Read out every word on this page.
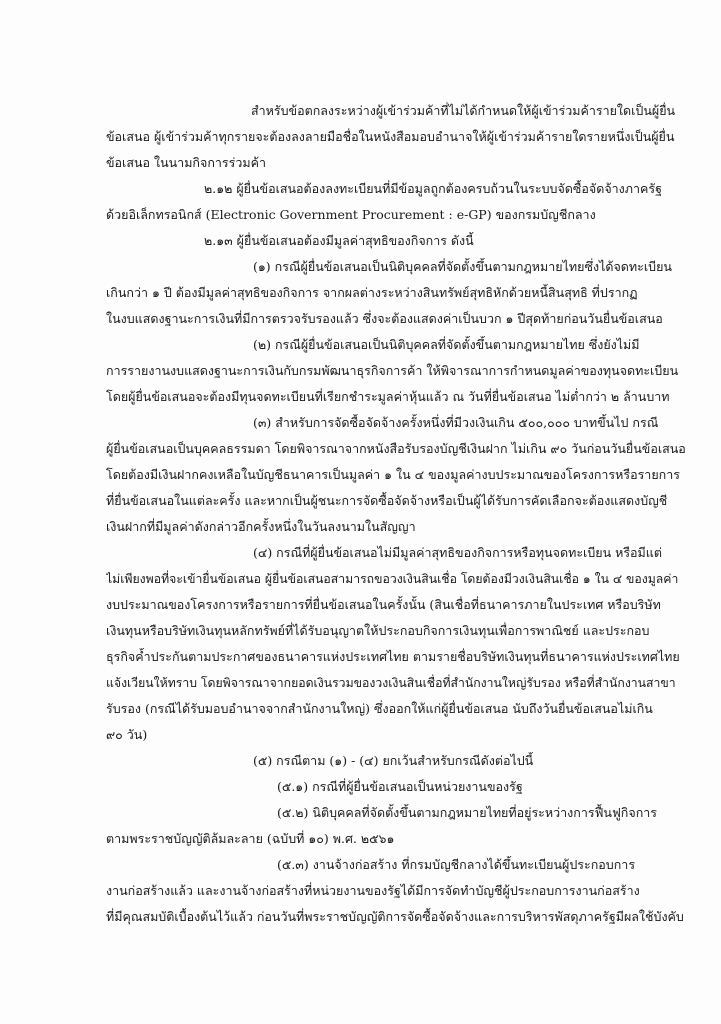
สำหรับข้อตกลงระหว่างผู้เข้าร่วมค้าที่ไม่ได้กำหนดให้ผู้เข้าร่วมค้ารายใดเป็นผู้ยื่น
ข้อเสนอ ผู้เข้าร่วมค้าทุกรายจะต้องลงลายมือชื่อในหนังสือมอบอำนาจให้ผู้เข้าร่วมค้ารายใดรายหนึ่งเป็นผู้ยื่น
ข้อเสนอ ในนามกิจการร่วมค้า
๒.๑๒ ผู้ยื่นข้อเสนอต้องลงทะเบียนที่มีข้อมูลถูกต้องครบถ้วนในระบบจัดซื้อจัดจ้างภาครัฐ
ด้วยอิเล็กทรอนิกส์ (Electronic Government Procurement : e-GP) ของกรมบัญชีกลาง
๒.๑๓ ผู้ยื่นข้อเสนอต้องมีมูลค่าสุทธิของกิจการ ดังนี้
(๑) กรณีผู้ยื่นข้อเสนอเป็นนิติบุคคลที่จัดตั้งขึ้นตามกฎหมายไทยซึ่งได้จดทะเบียน
เกินกว่า ๑ ปี ต้องมีมูลค่าสุทธิของกิจการ จากผลต่างระหว่างสินทรัพย์สุทธิหักด้วยหนี้สินสุทธิ ที่ปรากฏ
ในงบแสดงฐานะการเงินที่มีการตรวจรับรองแล้ว ซึ่งจะต้องแสดงค่าเป็นบวก ๑ ปีสุดท้ายก่อนวันยื่นข้อเสนอ
(๒) กรณีผู้ยื่นข้อเสนอเป็นนิติบุคคลที่จัดตั้งขึ้นตามกฎหมายไทย ซึ่งยังไม่มี
การรายงานงบแสดงฐานะการเงินกับกรมพัฒนาธุรกิจการค้า ให้พิจารณาการกำหนดมูลค่าของทุนจดทะเบียน
โดยผู้ยื่นข้อเสนอจะต้องมีทุนจดทะเบียนที่เรียกชำระมูลค่าหุ้นแล้ว ณ วันที่ยื่นข้อเสนอ ไม่ต่ำกว่า ๒ ล้านบาท
(๓) สำหรับการจัดซื้อจัดจ้างครั้งหนึ่งที่มีวงเงินเกิน ๕๐๐,๐๐๐ บาทขึ้นไป กรณี
ผู้ยื่นข้อเสนอเป็นบุคคลธรรมดา โดยพิจารณาจากหนังสือรับรองบัญชีเงินฝาก ไม่เกิน ๙๐ วันก่อนวันยื่นข้อเสนอ
โดยต้องมีเงินฝากคงเหลือในบัญชีธนาคารเป็นมูลค่า ๑ ใน ๔ ของมูลค่างบประมาณของโครงการหรือรายการ
ที่ยื่นข้อเสนอในแต่ละครั้ง และหากเป็นผู้ชนะการจัดซื้อจัดจ้างหรือเป็นผู้ได้รับการคัดเลือกจะต้องแสดงบัญชี
เงินฝากที่มีมูลค่าดังกล่าวอีกครั้งหนึ่งในวันลงนามในสัญญา
(๔) กรณีที่ผู้ยื่นข้อเสนอไม่มีมูลค่าสุทธิของกิจการหรือทุนจดทะเบียน หรือมีแต่
ไม่เพียงพอที่จะเข้ายื่นข้อเสนอ ผู้ยื่นข้อเสนอสามารถขอวงเงินสินเชื่อ โดยต้องมีวงเงินสินเชื่อ ๑ ใน ๔ ของมูลค่า
งบประมาณของโครงการหรือรายการที่ยื่นข้อเสนอในครั้งนั้น (สินเชื่อที่ธนาคารภายในประเทศ หรือบริษัท
เงินทุนหรือบริษัทเงินทุนหลักทรัพย์ที่ได้รับอนุญาตให้ประกอบกิจการเงินทุนเพื่อการพาณิชย์ และประกอบ
ธุรกิจค้ำประกันตามประกาศของธนาคารแห่งประเทศไทย ตามรายชื่อบริษัทเงินทุนที่ธนาคารแห่งประเทศไทย
แจ้งเวียนให้ทราบ โดยพิจารณาจากยอดเงินรวมของวงเงินสินเชื่อที่สำนักงานใหญ่รับรอง หรือที่สำนักงานสาขา
รับรอง (กรณีได้รับมอบอำนาจจากสำนักงานใหญ่) ซึ่งออกให้แก่ผู้ยื่นข้อเสนอ นับถึงวันยื่นข้อเสนอไม่เกิน
๙๐ วัน)
(๕) กรณีตาม (๑) - (๔) ยกเว้นสำหรับกรณีดังต่อไปนี้
(๕.๑) กรณีที่ผู้ยื่นข้อเสนอเป็นหน่วยงานของรัฐ
(๕.๒) นิติบุคคลที่จัดตั้งขึ้นตามกฎหมายไทยที่อยู่ระหว่างการฟื้นฟูกิจการ
ตามพระราชบัญญัติล้มละลาย (ฉบับที่ ๑๐) พ.ศ. ๒๕๖๑
(๕.๓) งานจ้างก่อสร้าง ที่กรมบัญชีกลางได้ขึ้นทะเบียนผู้ประกอบการ
งานก่อสร้างแล้ว และงานจ้างก่อสร้างที่หน่วยงานของรัฐได้มีการจัดทำบัญชีผู้ประกอบการงานก่อสร้าง
ที่มีคุณสมบัติเบื้องต้นไว้แล้ว ก่อนวันที่พระราชบัญญัติการจัดซื้อจัดจ้างและการบริหารพัสดุภาครัฐมีผลใช้บังคับ
